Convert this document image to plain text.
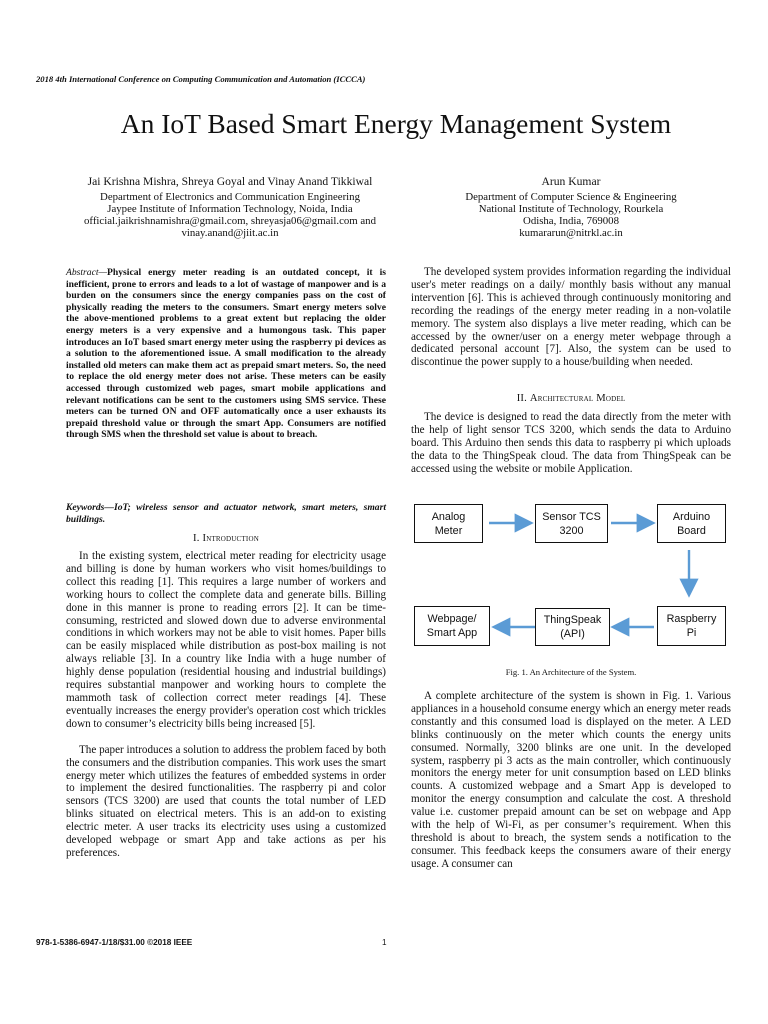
2018 4th International Conference on Computing Communication and Automation (ICCCA)
An IoT Based Smart Energy Management System
Jai Krishna Mishra, Shreya Goyal and Vinay Anand Tikkiwal
Department of Electronics and Communication Engineering
Jaypee Institute of Information Technology, Noida, India
official.jaikrishnamishra@gmail.com, shreyasja06@gmail.com and
vinay.anand@jiit.ac.in
Arun Kumar
Department of Computer Science & Engineering
National Institute of Technology, Rourkela
Odisha, India, 769008
kumararun@nitrkl.ac.in
Abstract—Physical energy meter reading is an outdated concept, it is inefficient, prone to errors and leads to a lot of wastage of manpower and is a burden on the consumers since the energy companies pass on the cost of physically reading the meters to the consumers. Smart energy meters solve the above-mentioned problems to a great extent but replacing the older energy meters is a very expensive and a humongous task. This paper introduces an IoT based smart energy meter using the raspberry pi devices as a solution to the aforementioned issue. A small modification to the already installed old meters can make them act as prepaid smart meters. So, the need to replace the old energy meter does not arise. These meters can be easily accessed through customized web pages, smart mobile applications and relevant notifications can be sent to the customers using SMS service. These meters can be turned ON and OFF automatically once a user exhausts its prepaid threshold value or through the smart App. Consumers are notified through SMS when the threshold set value is about to breach.
Keywords—IoT; wireless sensor and actuator network, smart meters, smart buildings.
I. Introduction

In the existing system, electrical meter reading for electricity usage and billing is done by human workers who visit homes/buildings to collect this reading [1]. This requires a large number of workers and working hours to collect the complete data and generate bills. Billing done in this manner is prone to reading errors [2]. It can be time-consuming, restricted and slowed down due to adverse environmental conditions in which workers may not be able to visit homes. Paper bills can be easily misplaced while distribution as post-box mailing is not always reliable [3]. In a country like India with a huge number of highly dense population (residential housing and industrial buildings) requires substantial manpower and working hours to complete the mammoth task of collection correct meter readings [4]. These eventually increases the energy provider's operation cost which trickles down to consumer’s electricity bills being increased [5].

The paper introduces a solution to address the problem faced by both the consumers and the distribution companies. This work uses the smart energy meter which utilizes the features of embedded systems in order to implement the desired functionalities. The raspberry pi and color sensors (TCS 3200) are used that counts the total number of LED blinks situated on electrical meters. This is an add-on to existing electric meter. A user tracks its electricity uses using a customized developed webpage or smart App and take actions as per his preferences.

The developed system provides information regarding the individual user's meter readings on a daily/ monthly basis without any manual intervention [6]. This is achieved through continuously monitoring and recording the readings of the energy meter reading in a non-volatile memory. The system also displays a live meter reading, which can be accessed by the owner/user on a energy meter webpage through a dedicated personal account [7]. Also, the system can be used to discontinue the power supply to a house/building when needed.

II. Architectural Model

The device is designed to read the data directly from the meter with the help of light sensor TCS 3200, which sends the data to Arduino board. This Arduino then sends this data to raspberry pi which uploads the data to the ThingSpeak cloud. The data from ThingSpeak can be accessed using the website or mobile Application.

Analog
Meter
Sensor TCS
3200
Arduino
Board
Raspberry
Pi
ThingSpeak
(API)
Webpage/
Smart App
Fig. 1. An Architecture of the System.

A complete architecture of the system is shown in Fig. 1. Various appliances in a household consume energy which an energy meter reads constantly and this consumed load is displayed on the meter. A LED blinks continuously on the meter which counts the energy units consumed. Normally, 3200 blinks are one unit. In the developed system, raspberry pi 3 acts as the main controller, which continuously monitors the energy meter for unit consumption based on LED blinks counts. A customized webpage and a Smart App is developed to monitor the energy consumption and calculate the cost. A threshold value i.e. customer prepaid amount can be set on webpage and App with the help of Wi-Fi, as per consumer’s requirement. When this threshold is about to breach, the system sends a notification to the consumer. This feedback keeps the consumers aware of their energy usage. A consumer can

978-1-5386-6947-1/18/$31.00 ©2018 IEEE	1
